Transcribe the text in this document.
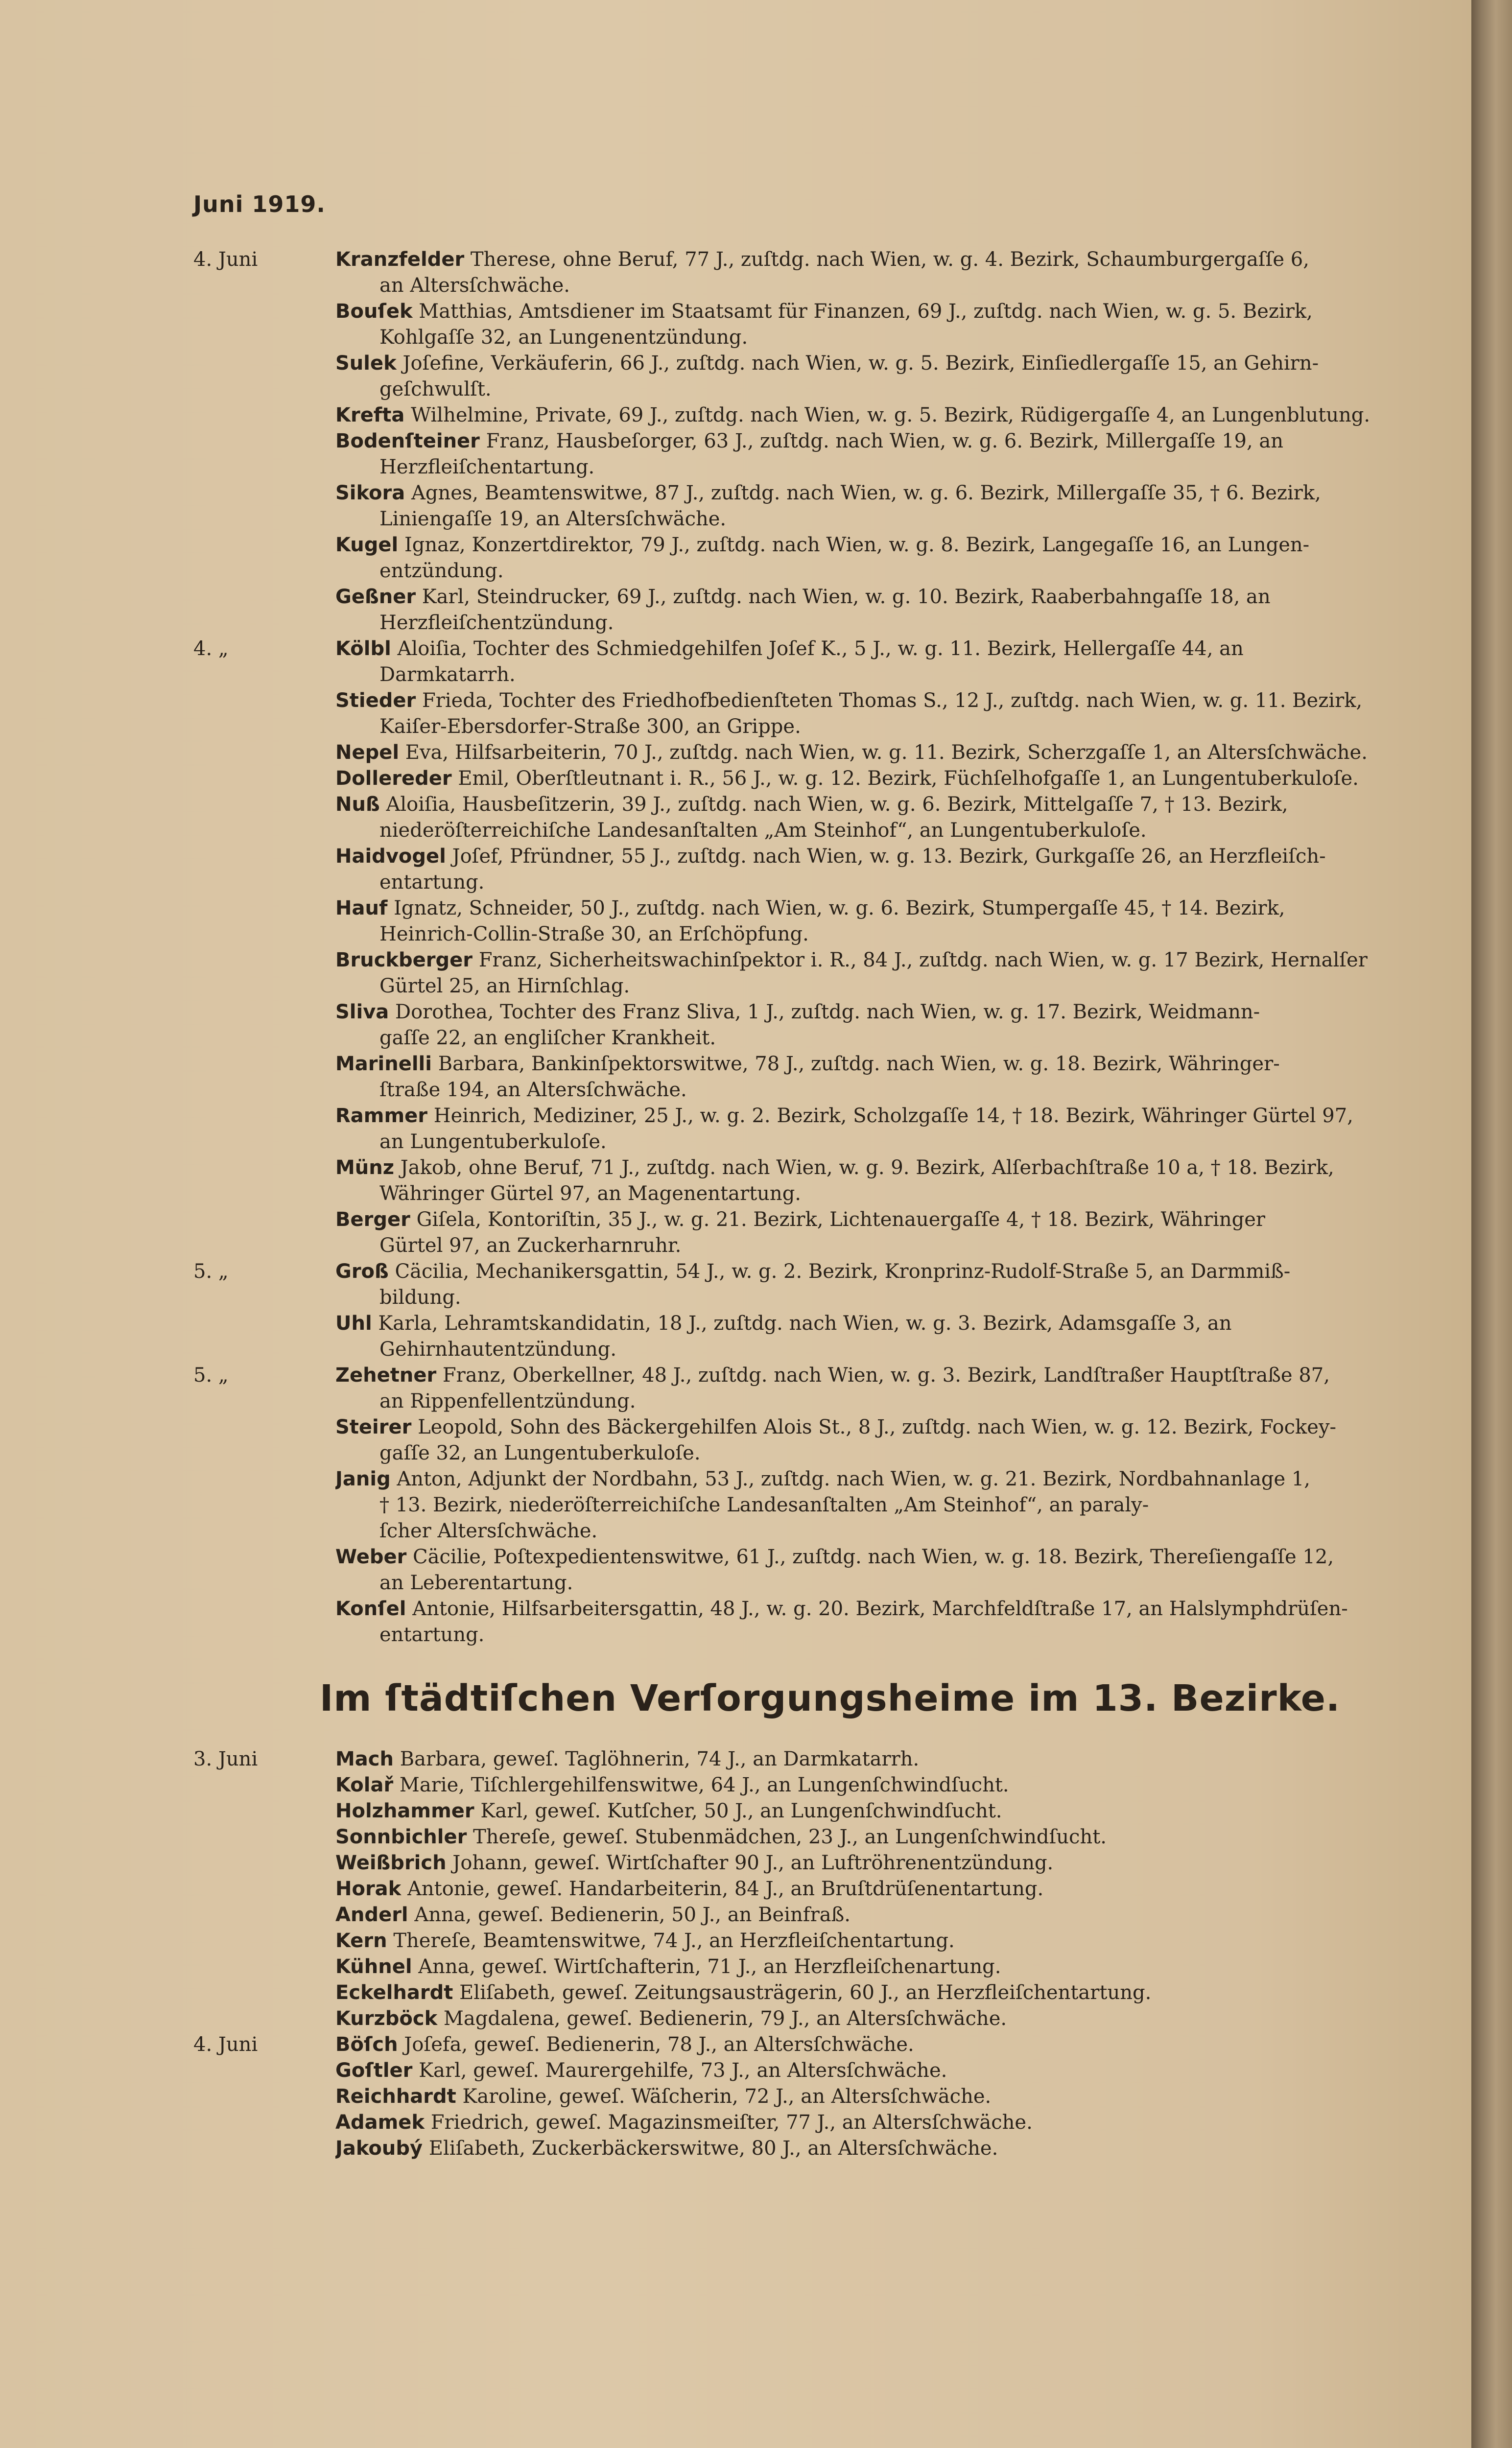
Juni 1919.
4. Juni	Kranzfelder Therese, ohne Beruf, 77 J., zuſtdg. nach Wien, w. g. 4. Bezirk, Schaumburgergaſſe 6,
an Altersſchwäche.
Bouſek Matthias, Amtsdiener im Staatsamt für Finanzen, 69 J., zuſtdg. nach Wien, w. g. 5. Bezirk,
Kohlgaſſe 32, an Lungenentzündung.
Sulek Joſefine, Verkäuferin, 66 J., zuſtdg. nach Wien, w. g. 5. Bezirk, Einſiedlergaſſe 15, an Gehirn-
geſchwulſt.
Krefta Wilhelmine, Private, 69 J., zuſtdg. nach Wien, w. g. 5. Bezirk, Rüdigergaſſe 4, an Lungenblutung.
Bodenſteiner Franz, Hausbeſorger, 63 J., zuſtdg. nach Wien, w. g. 6. Bezirk, Millergaſſe 19, an
Herzfleiſchentartung.
Sikora Agnes, Beamtenswitwe, 87 J., zuſtdg. nach Wien, w. g. 6. Bezirk, Millergaſſe 35, † 6. Bezirk,
Liniengaſſe 19, an Altersſchwäche.
Kugel Ignaz, Konzertdirektor, 79 J., zuſtdg. nach Wien, w. g. 8. Bezirk, Langegaſſe 16, an Lungen-
entzündung.
Geßner Karl, Steindrucker, 69 J., zuſtdg. nach Wien, w. g. 10. Bezirk, Raaberbahngaſſe 18, an
Herzfleiſchentzündung.
4. „	Kölbl Aloiſia, Tochter des Schmiedgehilfen Joſef K., 5 J., w. g. 11. Bezirk, Hellergaſſe 44, an
Darmkatarrh.
Stieder Frieda, Tochter des Friedhofbedienſteten Thomas S., 12 J., zuſtdg. nach Wien, w. g. 11. Bezirk,
Kaiſer-Ebersdorfer-Straße 300, an Grippe.
Nepel Eva, Hilfsarbeiterin, 70 J., zuſtdg. nach Wien, w. g. 11. Bezirk, Scherzgaſſe 1, an Altersſchwäche.
Dollereder Emil, Oberſtleutnant i. R., 56 J., w. g. 12. Bezirk, Füchſelhofgaſſe 1, an Lungentuberkuloſe.
Nuß Aloiſia, Hausbeſitzerin, 39 J., zuſtdg. nach Wien, w. g. 6. Bezirk, Mittelgaſſe 7, † 13. Bezirk,
niederöſterreichiſche Landesanſtalten „Am Steinhof“, an Lungentuberkuloſe.
Haidvogel Joſef, Pfründner, 55 J., zuſtdg. nach Wien, w. g. 13. Bezirk, Gurkgaſſe 26, an Herzfleiſch-
entartung.
Hauf Ignatz, Schneider, 50 J., zuſtdg. nach Wien, w. g. 6. Bezirk, Stumpergaſſe 45, † 14. Bezirk,
Heinrich-Collin-Straße 30, an Erſchöpfung.
Bruckberger Franz, Sicherheitswachinſpektor i. R., 84 J., zuſtdg. nach Wien, w. g. 17 Bezirk, Hernalſer
Gürtel 25, an Hirnſchlag.
Sliva Dorothea, Tochter des Franz Sliva, 1 J., zuſtdg. nach Wien, w. g. 17. Bezirk, Weidmann-
gaſſe 22, an engliſcher Krankheit.
Marinelli Barbara, Bankinſpektorswitwe, 78 J., zuſtdg. nach Wien, w. g. 18. Bezirk, Währinger-
ſtraße 194, an Altersſchwäche.
Rammer Heinrich, Mediziner, 25 J., w. g. 2. Bezirk, Scholzgaſſe 14, † 18. Bezirk, Währinger Gürtel 97,
an Lungentuberkuloſe.
Münz Jakob, ohne Beruf, 71 J., zuſtdg. nach Wien, w. g. 9. Bezirk, Alſerbachſtraße 10 a, † 18. Bezirk,
Währinger Gürtel 97, an Magenentartung.
Berger Giſela, Kontoriſtin, 35 J., w. g. 21. Bezirk, Lichtenauergaſſe 4, † 18. Bezirk, Währinger
Gürtel 97, an Zuckerharnruhr.
5. „	Groß Cäcilia, Mechanikersgattin, 54 J., w. g. 2. Bezirk, Kronprinz-Rudolf-Straße 5, an Darmmiß-
bildung.
Uhl Karla, Lehramtskandidatin, 18 J., zuſtdg. nach Wien, w. g. 3. Bezirk, Adamsgaſſe 3, an
Gehirnhautentzündung.
5. „	Zehetner Franz, Oberkellner, 48 J., zuſtdg. nach Wien, w. g. 3. Bezirk, Landſtraßer Hauptſtraße 87,
an Rippenfellentzündung.
Steirer Leopold, Sohn des Bäckergehilfen Alois St., 8 J., zuſtdg. nach Wien, w. g. 12. Bezirk, Fockey-
gaſſe 32, an Lungentuberkuloſe.
Janig Anton, Adjunkt der Nordbahn, 53 J., zuſtdg. nach Wien, w. g. 21. Bezirk, Nordbahnanlage 1,
† 13. Bezirk, niederöſterreichiſche Landesanſtalten „Am Steinhof“, an paraly-
ſcher Altersſchwäche.
Weber Cäcilie, Poſtexpedientenswitwe, 61 J., zuſtdg. nach Wien, w. g. 18. Bezirk, Thereſiengaſſe 12,
an Leberentartung.
Konſel Antonie, Hilfsarbeitersgattin, 48 J., w. g. 20. Bezirk, Marchfeldſtraße 17, an Halslymphdrüſen-
entartung.
Im ſtädtiſchen Verſorgungsheime im 13. Bezirke.
3. Juni	Mach Barbara, geweſ. Taglöhnerin, 74 J., an Darmkatarrh.
Kolař Marie, Tiſchlergehilfenswitwe, 64 J., an Lungenſchwindſucht.
Holzhammer Karl, geweſ. Kutſcher, 50 J., an Lungenſchwindſucht.
Sonnbichler Thereſe, geweſ. Stubenmädchen, 23 J., an Lungenſchwindſucht.
Weißbrich Johann, geweſ. Wirtſchafter 90 J., an Luftröhrenentzündung.
Horak Antonie, geweſ. Handarbeiterin, 84 J., an Bruſtdrüſenentartung.
Anderl Anna, geweſ. Bedienerin, 50 J., an Beinfraß.
Kern Thereſe, Beamtenswitwe, 74 J., an Herzfleiſchentartung.
Kühnel Anna, geweſ. Wirtſchafterin, 71 J., an Herzfleiſchenartung.
Eckelhardt Eliſabeth, geweſ. Zeitungsausträgerin, 60 J., an Herzfleiſchentartung.
Kurzböck Magdalena, geweſ. Bedienerin, 79 J., an Altersſchwäche.
4. Juni	Böſch Joſefa, geweſ. Bedienerin, 78 J., an Altersſchwäche.
Goſtler Karl, geweſ. Maurergehilfe, 73 J., an Altersſchwäche.
Reichhardt Karoline, geweſ. Wäſcherin, 72 J., an Altersſchwäche.
Adamek Friedrich, geweſ. Magazinsmeiſter, 77 J., an Altersſchwäche.
Jakoubý Eliſabeth, Zuckerbäckerswitwe, 80 J., an Altersſchwäche.
